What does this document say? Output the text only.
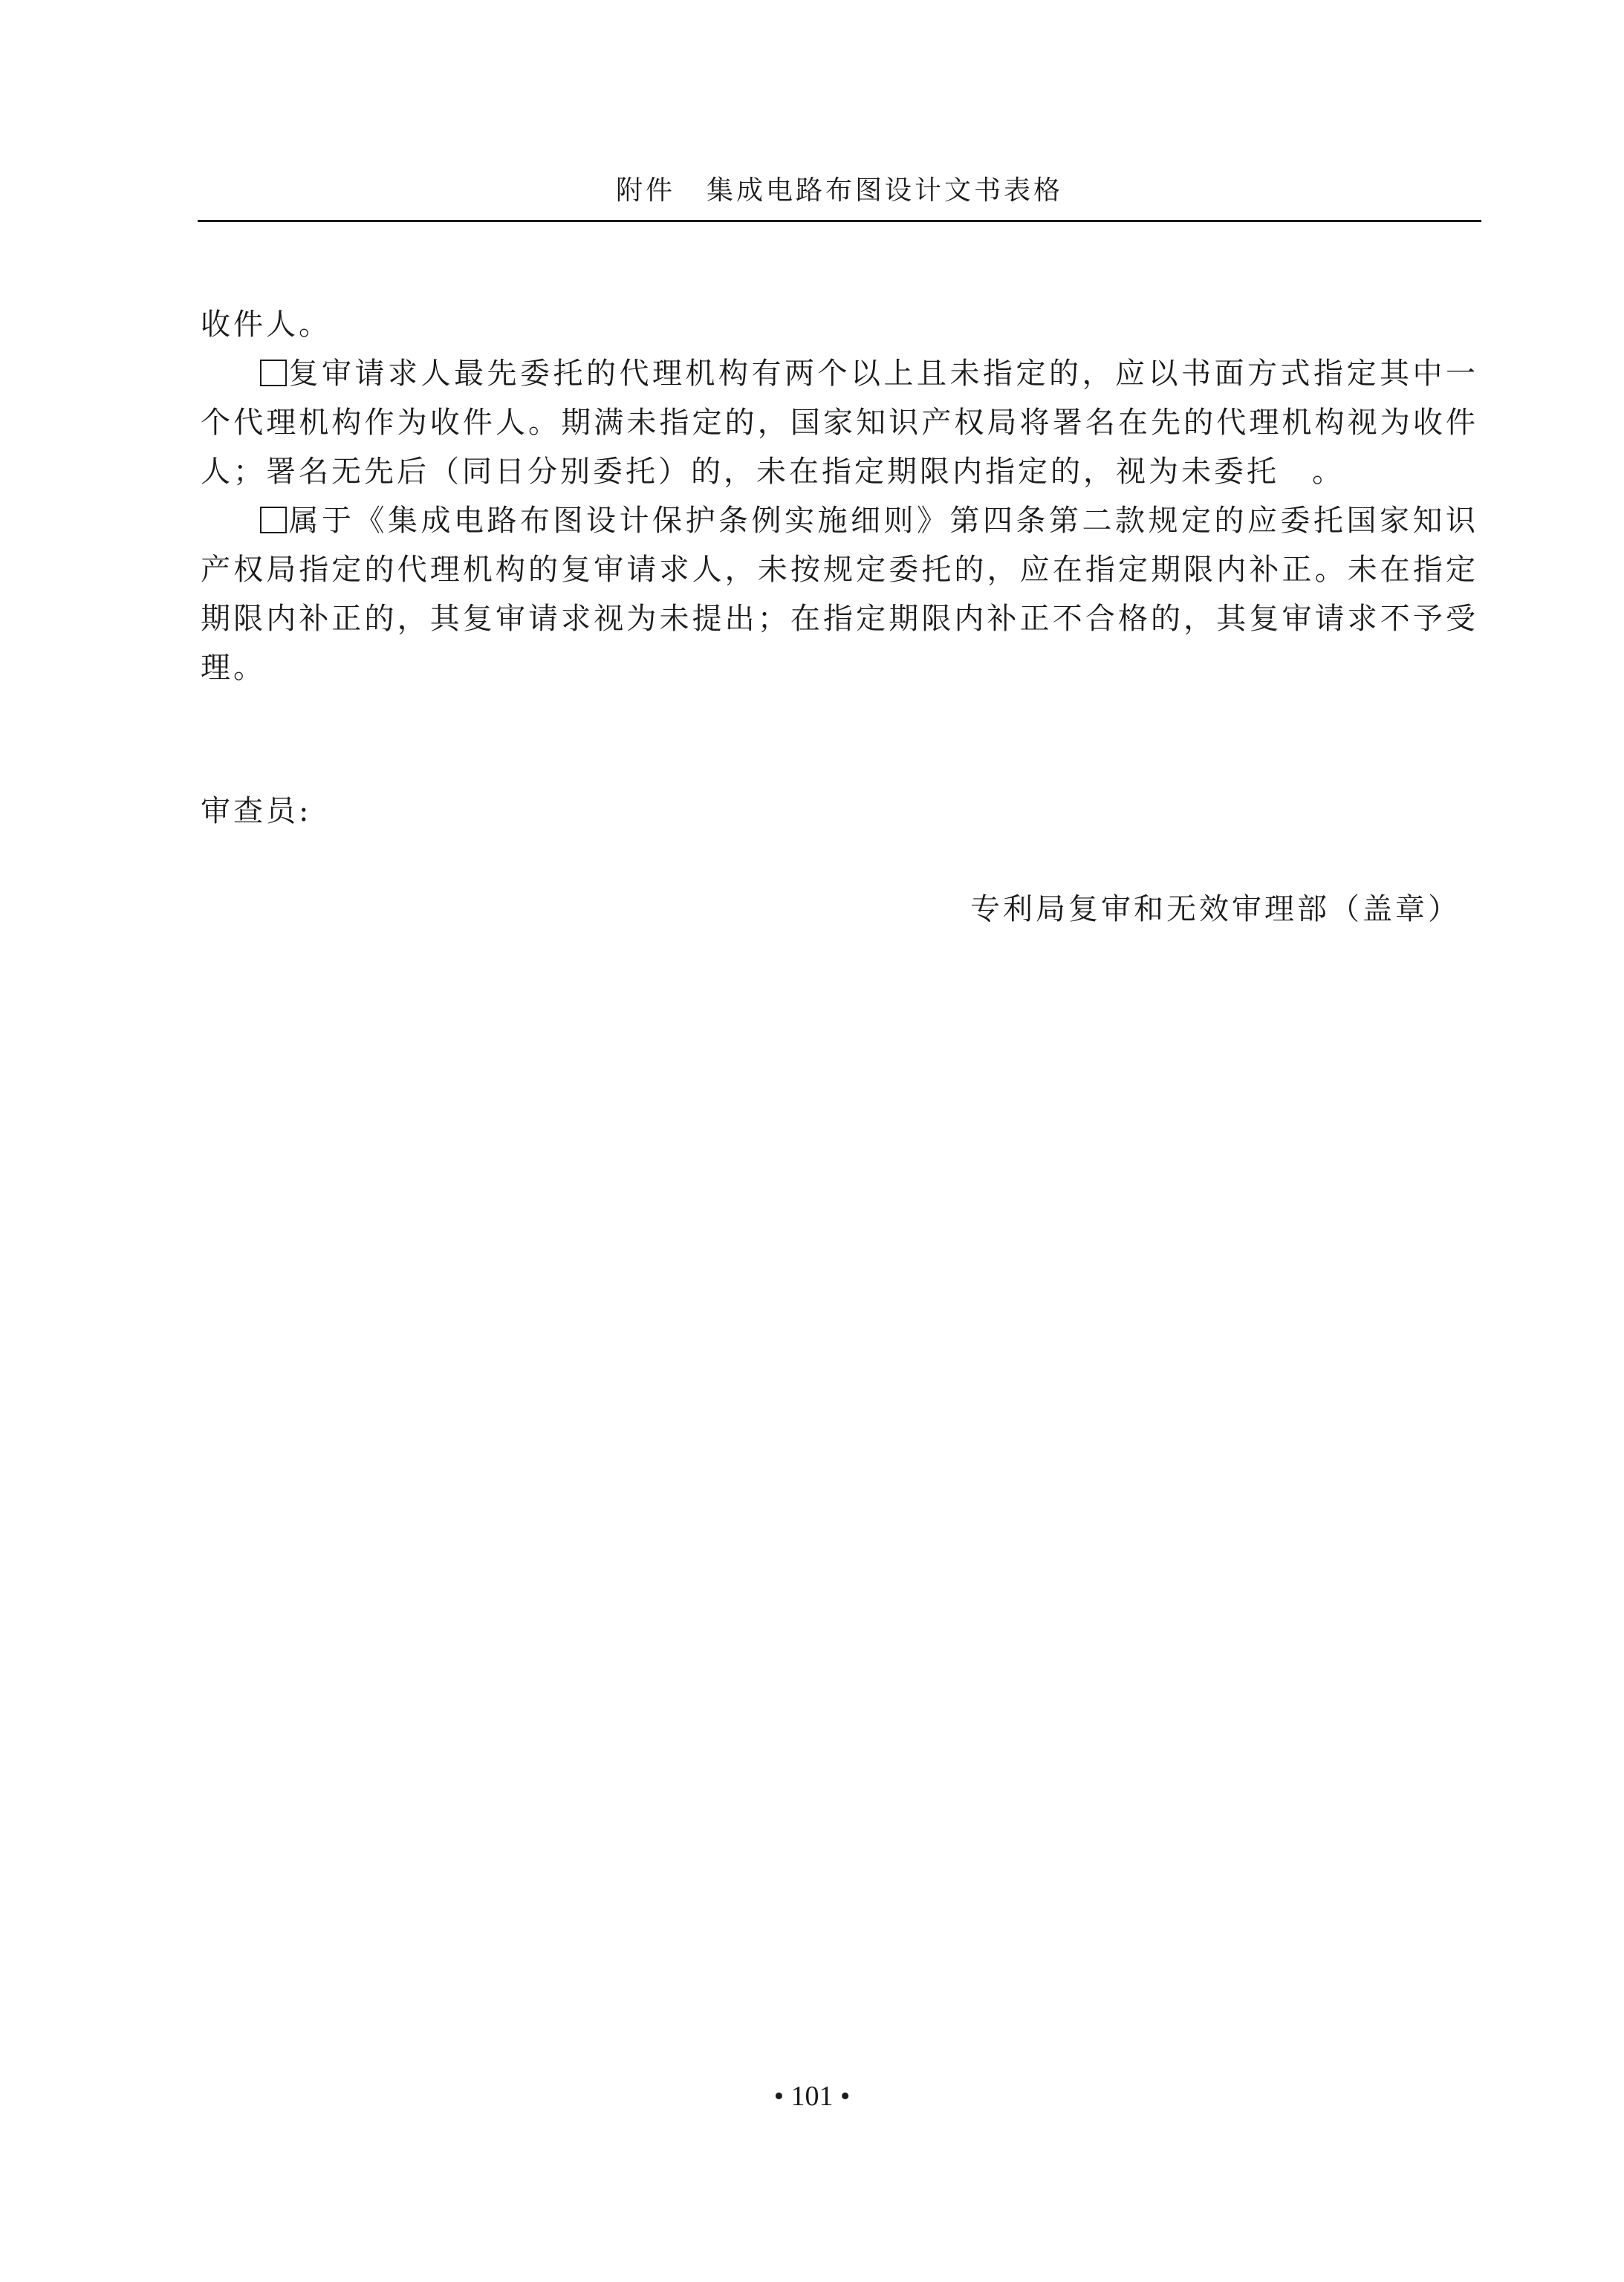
附件 集成电路布图设计文书表格

收件人。

复审请求人最先委托的代理机构有两个以上且未指定的，应以书面方式指定其中一个代理机构作为收件人。期满未指定的，国家知识产权局将署名在先的代理机构视为收件人；署名无先后（同日分别委托）的，未在指定期限内指定的，视为未委托　。

属于《集成电路布图设计保护条例实施细则》第四条第二款规定的应委托国家知识产权局指定的代理机构的复审请求人，未按规定委托的，应在指定期限内补正。未在指定期限内补正的，其复审请求视为未提出；在指定期限内补正不合格的，其复审请求不予受理。

审查员:
专利局复审和无效审理部（盖章）
• 101 •
